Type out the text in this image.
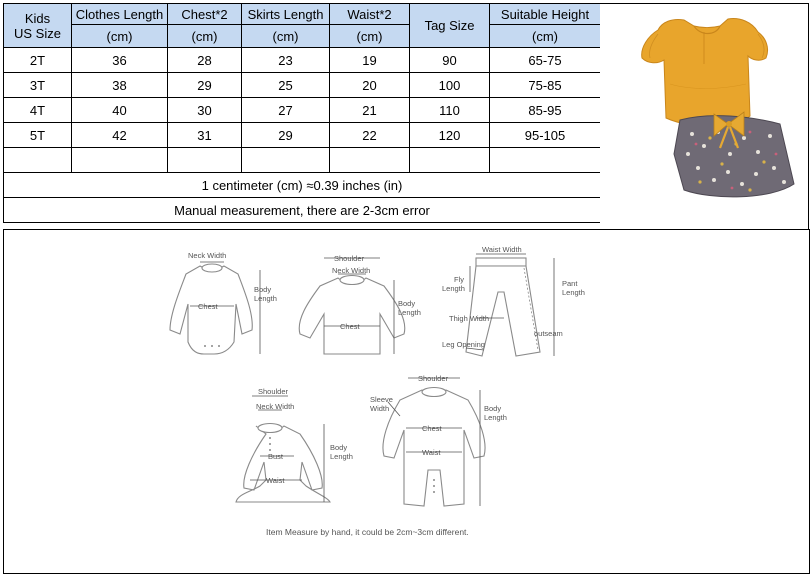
Kids
US Size	Clothes Length	Chest*2	Skirts Length	Waist*2	Tag Size	Suitable Height
	(cm)	(cm)	(cm)	(cm)		(cm)
2T	36	28	23	19	90	65-75
3T	38	29	25	20	100	75-85
4T	40	30	27	21	110	85-95
5T	42	31	29	22	120	95-105

1 centimeter (cm) ≈0.39 inches (in)						
Manual measurement, there are 2-3cm error						
Neck Width
Chest
Body
Length
Shoulder
Neck Width
Chest
Body
Length
Waist Width
Fly
Length
Thigh Width
Leg Opening
outseam
Pant
Length
Shoulder
Neck Width
Bust
Waist
Body
Length
Shoulder
Sleeve
Width
Chest
Waist
Body
Length
Item Measure by hand, it could be 2cm~3cm different.
